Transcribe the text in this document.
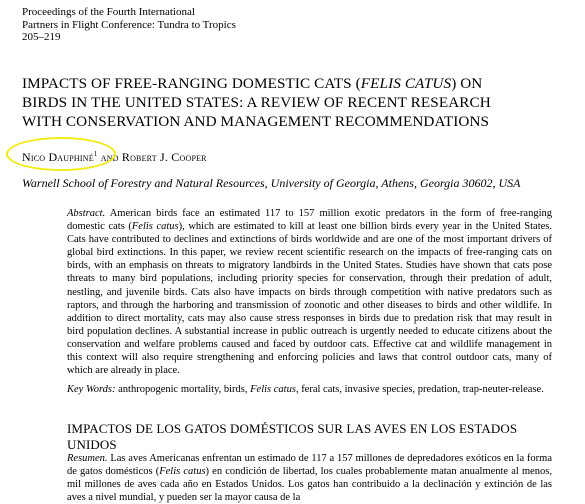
Proceedings of the Fourth International
Partners in Flight Conference: Tundra to Tropics
205–219
IMPACTS OF FREE-RANGING DOMESTIC CATS (FELIS CATUS) ON
BIRDS IN THE UNITED STATES: A REVIEW OF RECENT RESEARCH
WITH CONSERVATION AND MANAGEMENT RECOMMENDATIONS
Nico Dauphiné$^1$ and Robert J. Cooper
Warnell School of Forestry and Natural Resources, University of Georgia, Athens, Georgia 30602, USA
Abstract. American birds face an estimated 117 to 157 million exotic predators in the form of free-ranging domestic cats (Felis catus), which are estimated to kill at least one billion birds every year in the United States. Cats have contributed to declines and extinctions of birds worldwide and are one of the most important drivers of global bird extinctions. In this paper, we review recent scientific research on the impacts of free-ranging cats on birds, with an emphasis on threats to migratory landbirds in the United States. Studies have shown that cats pose threats to many bird populations, including priority species for conservation, through their predation of adult, nestling, and juvenile birds. Cats also have impacts on birds through competition with native predators such as raptors, and through the harboring and transmission of zoonotic and other diseases to birds and other wildlife. In addition to direct mortality, cats may also cause stress responses in birds due to predation risk that may result in bird population declines. A substantial increase in public outreach is urgently needed to educate citizens about the conservation and welfare problems caused and faced by outdoor cats. Effective cat and wildlife management in this context will also require strengthening and enforcing policies and laws that control outdoor cats, many of which are already in place.
Key Words: anthropogenic mortality, birds, Felis catus, feral cats, invasive species, predation, trap-neuter-release.
IMPACTOS DE LOS GATOS DOMÉSTICOS SUR LAS AVES EN LOS ESTADOS UNIDOS
Resumen. Las aves Americanas enfrentan un estimado de 117 a 157 millones de depredadores exóticos en la forma de gatos domésticos (Felis catus) en condición de libertad, los cuales probablemente matan anualmente al menos, mil millones de aves cada año en Estados Unidos. Los gatos han contribuido a la declinación y extinción de las aves a nivel mundial, y pueden ser la mayor causa de la
